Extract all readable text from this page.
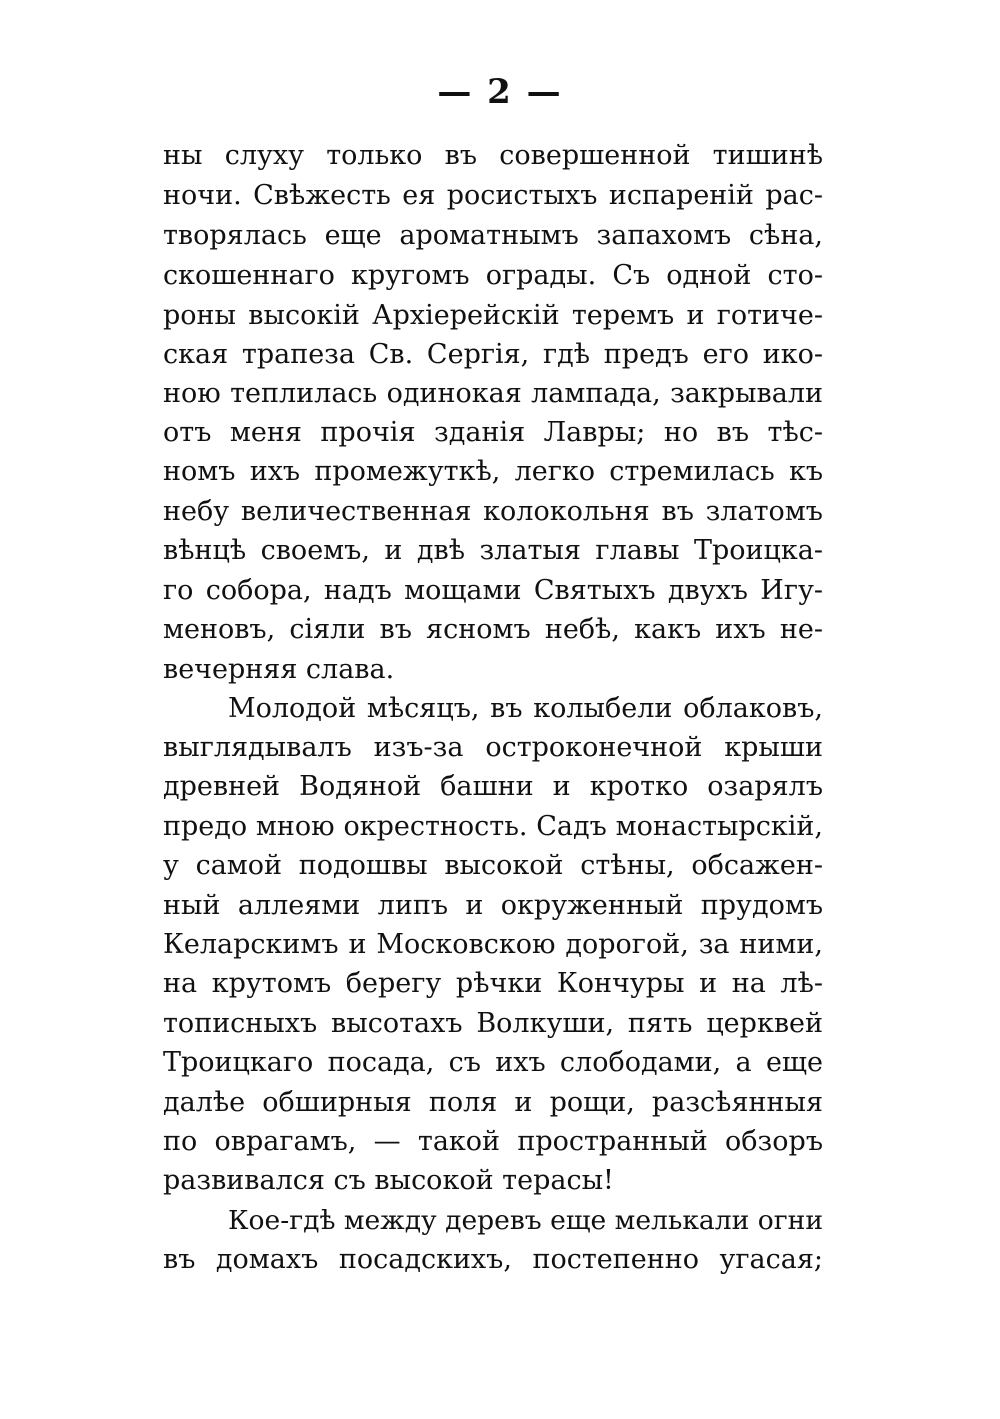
— 2 —
ны слуху только въ совершенной тишинѣ
ночи. Свѣжесть ея росистыхъ испареній рас-
творялась еще ароматнымъ запахомъ сѣна,
скошеннаго кругомъ ограды. Съ одной сто-
роны высокій Архіерейскій теремъ и готиче-
ская трапеза Св. Сергія, гдѣ предъ его ико-
ною теплилась одинокая лампада, закрывали
отъ меня прочія зданія Лавры; но въ тѣс-
номъ ихъ промежуткѣ, легко стремилась къ
небу величественная колокольня въ златомъ
вѣнцѣ своемъ, и двѣ златыя главы Троицка-
го собора, надъ мощами Святыхъ двухъ Игу-
меновъ, сіяли въ ясномъ небѣ, какъ ихъ не-
вечерняя слава.
Молодой мѣсяцъ, въ колыбели облаковъ,
выглядывалъ изъ-за остроконечной крыши
древней Водяной башни и кротко озарялъ
предо мною окрестность. Садъ монастырскій,
у самой подошвы высокой стѣны, обсажен-
ный аллеями липъ и окруженный прудомъ
Келарскимъ и Московскою дорогой, за ними,
на крутомъ берегу рѣчки Кончуры и на лѣ-
тописныхъ высотахъ Волкуши, пять церквей
Троицкаго посада, съ ихъ слободами, а еще
далѣе обширныя поля и рощи, разсѣянныя
по оврагамъ, — такой пространный обзоръ
развивался съ высокой терасы!
Кое-гдѣ между деревъ еще мелькали огни
въ домахъ посадскихъ, постепенно угасая;
